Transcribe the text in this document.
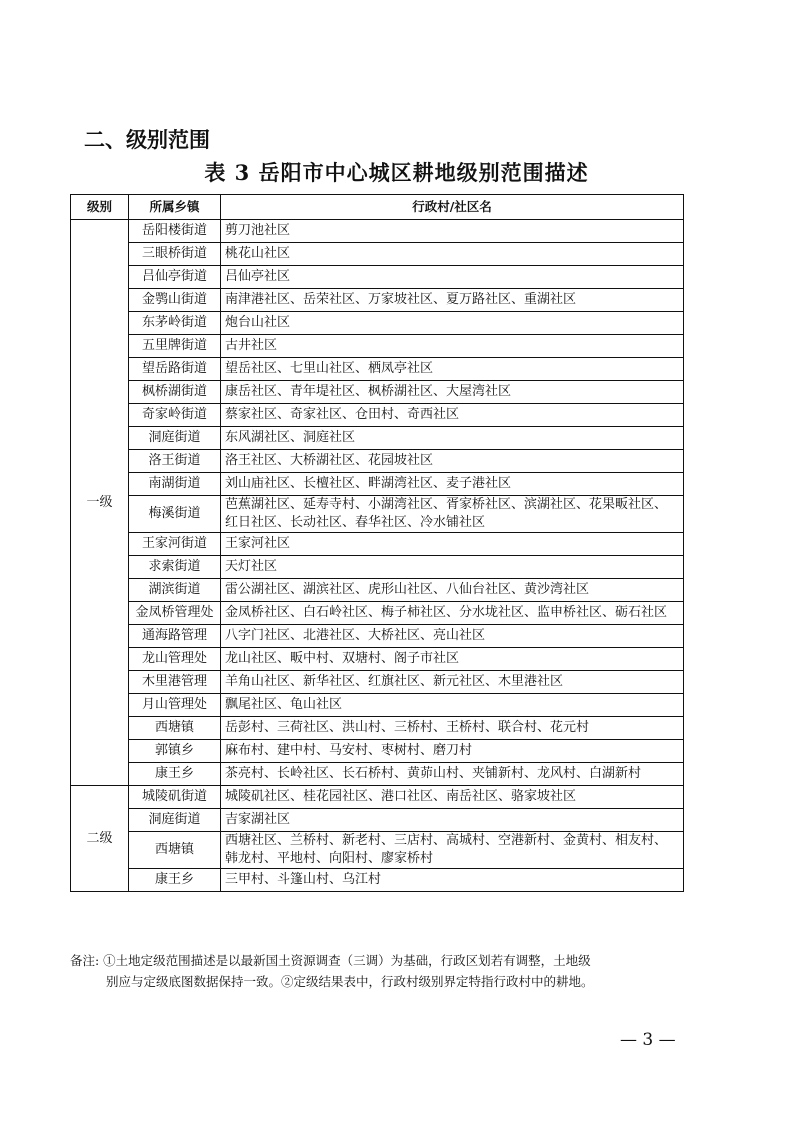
二、级别范围
表 3 岳阳市中心城区耕地级别范围描述
级别	所属乡镇	行政村/社区名
一级	岳阳楼街道	剪刀池社区
	三眼桥街道	桃花山社区
	吕仙亭街道	吕仙亭社区
	金鹗山街道	南津港社区、岳荣社区、万家坡社区、夏万路社区、重湖社区
	东茅岭街道	炮台山社区
	五里牌街道	古井社区
	望岳路街道	望岳社区、七里山社区、栖凤亭社区
	枫桥湖街道	康岳社区、青年堤社区、枫桥湖社区、大屋湾社区
	奇家岭街道	蔡家社区、奇家社区、仓田村、奇西社区
	洞庭街道	东风湖社区、洞庭社区
	洛王街道	洛王社区、大桥湖社区、花园坡社区
	南湖街道	刘山庙社区、长檀社区、畔湖湾社区、麦子港社区
	梅溪街道	芭蕉湖社区、延寿寺村、小湖湾社区、胥家桥社区、滨湖社区、花果畈社区、红日社区、长动社区、春华社区、冷水铺社区
	王家河街道	王家河社区
	求索街道	天灯社区
	湖滨街道	雷公湖社区、湖滨社区、虎形山社区、八仙台社区、黄沙湾社区
	金凤桥管理处	金凤桥社区、白石岭社区、梅子柿社区、分水垅社区、监申桥社区、砺石社区
	通海路管理	八字门社区、北港社区、大桥社区、亮山社区
	龙山管理处	龙山社区、畈中村、双塘村、阁子市社区
	木里港管理	羊角山社区、新华社区、红旗社区、新元社区、木里港社区
	月山管理处	飘尾社区、龟山社区
	西塘镇	岳彭村、三荷社区、洪山村、三桥村、王桥村、联合村、花元村
	郭镇乡	麻布村、建中村、马安村、枣树村、磨刀村
	康王乡	茶亮村、长岭社区、长石桥村、黄茆山村、夹铺新村、龙风村、白湖新村
二级	城陵矶街道	城陵矶社区、桂花园社区、港口社区、南岳社区、骆家坡社区
	洞庭街道	吉家湖社区
	西塘镇	西塘社区、兰桥村、新老村、三店村、高城村、空港新村、金黄村、相友村、韩龙村、平地村、向阳村、廖家桥村
	康王乡	三甲村、斗篷山村、乌江村
备注: ①土地定级范围描述是以最新国土资源调查（三调）为基础，行政区划若有调整，土地级
别应与定级底图数据保持一致。②定级结果表中，行政村级别界定特指行政村中的耕地。
— 3 —
